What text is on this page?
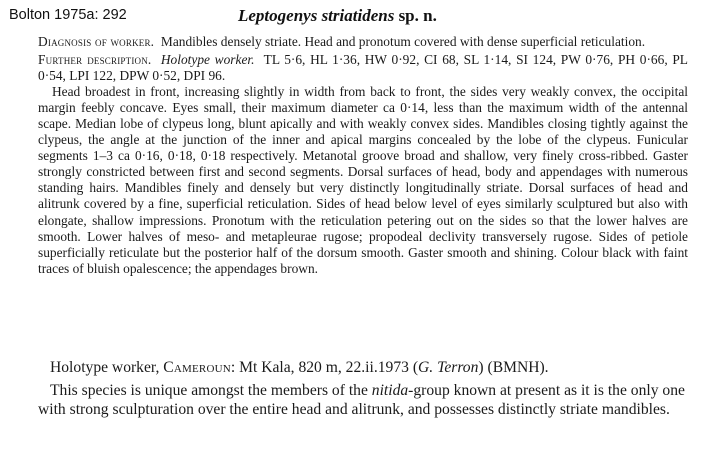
Bolton 1975a: 292	Leptogenys striatidens sp. n.

Diagnosis of worker. Mandibles densely striate. Head and pronotum covered with dense superficial reticulation.

Further description. Holotype worker. TL 5·6, HL 1·36, HW 0·92, CI 68, SL 1·14, SI 124, PW 0·76, PH 0·66, PL 0·54, LPI 122, DPW 0·52, DPI 96.

Head broadest in front, increasing slightly in width from back to front, the sides very weakly convex, the occipital margin feebly concave. Eyes small, their maximum diameter ca 0·14, less than the maximum width of the antennal scape. Median lobe of clypeus long, blunt apically and with weakly convex sides. Mandibles closing tightly against the clypeus, the angle at the junction of the inner and apical margins concealed by the lobe of the clypeus. Funicular segments 1–3 ca 0·16, 0·18, 0·18 respectively. Metanotal groove broad and shallow, very finely cross-ribbed. Gaster strongly constricted between first and second segments. Dorsal surfaces of head, body and appendages with numerous standing hairs. Mandibles finely and densely but very distinctly longitudinally striate. Dorsal surfaces of head and alitrunk covered by a fine, superficial reticulation. Sides of head below level of eyes similarly sculptured but also with elongate, shallow impressions. Pronotum with the reticulation petering out on the sides so that the lower halves are smooth. Lower halves of meso- and metapleurae rugose; propodeal declivity transversely rugose. Sides of petiole superficially reticulate but the posterior half of the dorsum smooth. Gaster smooth and shining. Colour black with faint traces of bluish opalescence; the appendages brown.

Holotype worker, Cameroun: Mt Kala, 820 m, 22.ii.1973 (G. Terron) (BMNH).

This species is unique amongst the members of the nitida-group known at present as it is the only one with strong sculpturation over the entire head and alitrunk, and possesses distinctly striate mandibles.
